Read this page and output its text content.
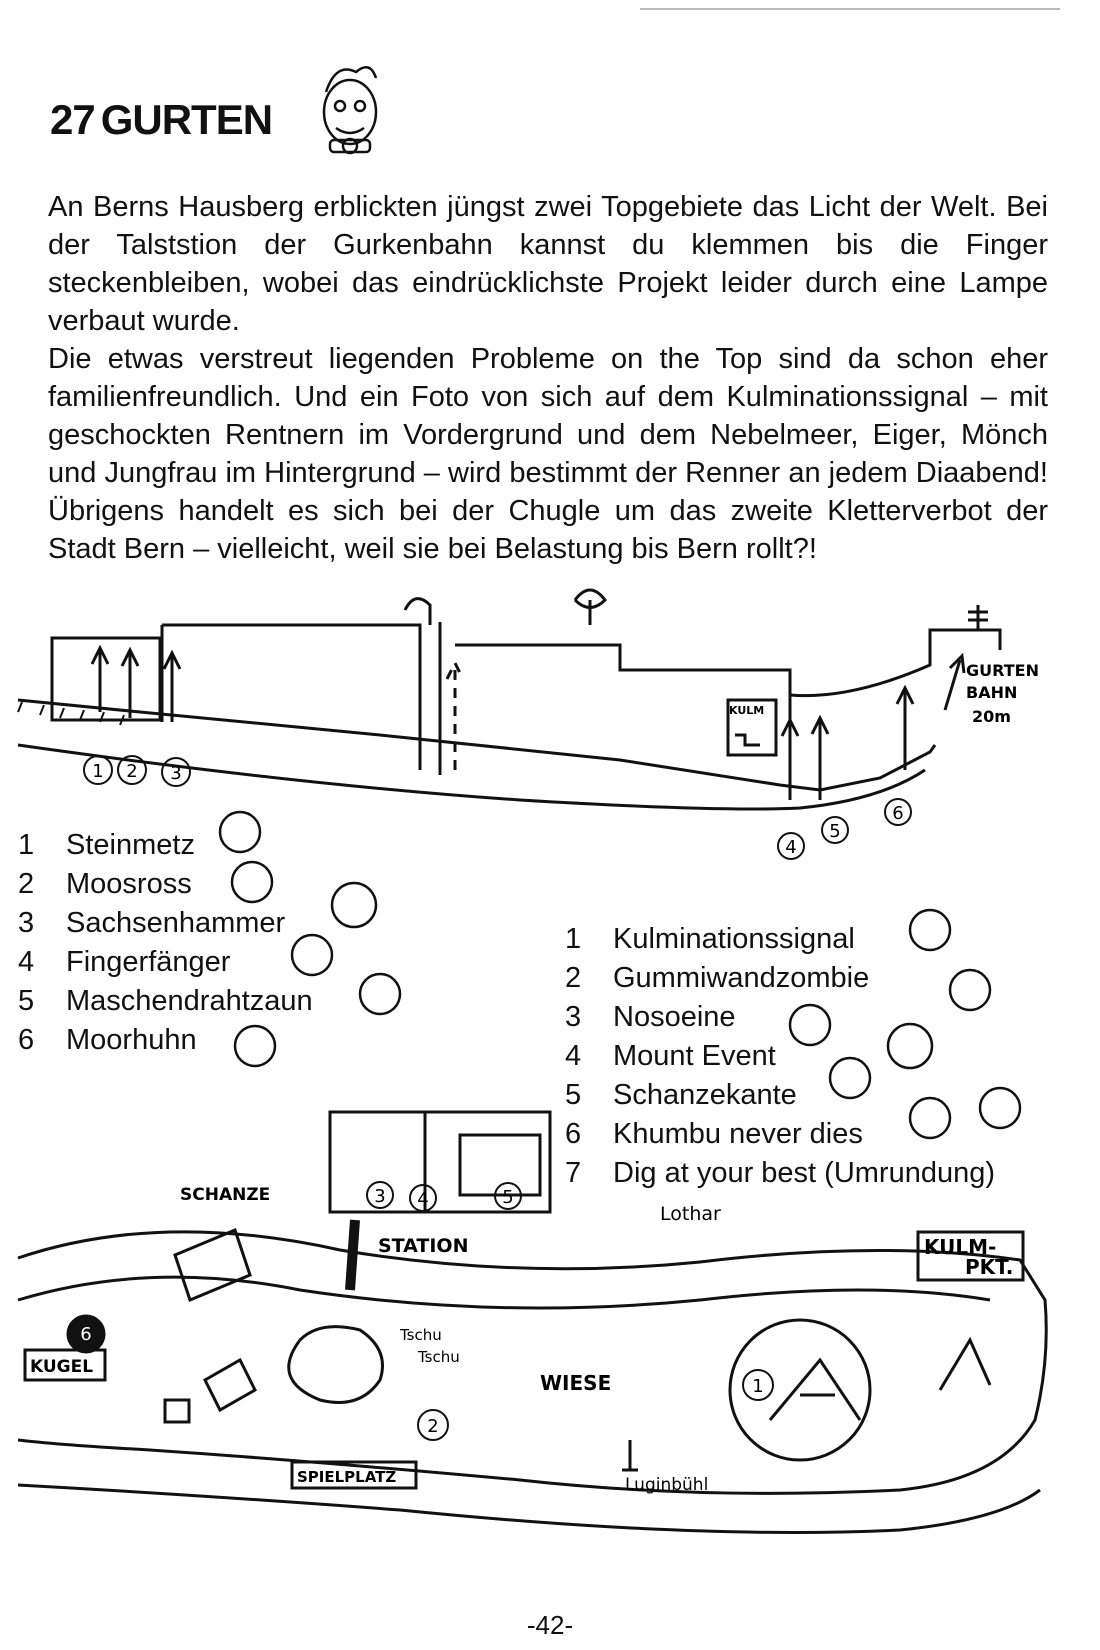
27 GURTEN
1 2 3
4
5
6
GURTEN
BAHN
20m
KULM
1
2
3 4	5
6
SCHANZE
STATION
Lothar
KULM-
PKT.
KUGEL
Tschu
Tschu
WIESE
SPIELPLATZ	Luginbühl

An Berns Hausberg erblickten jüngst zwei Topgebiete das Licht der Welt. Bei der Talststion der Gurkenbahn kannst du klemmen bis die Finger steckenbleiben, wobei das eindrücklichste Projekt leider durch eine Lampe verbaut wurde.

Die etwas verstreut liegenden Probleme on the Top sind da schon eher familienfreundlich. Und ein Foto von sich auf dem Kulminationssignal – mit geschockten Rentnern im Vordergrund und dem Nebelmeer, Eiger, Mönch und Jungfrau im Hintergrund – wird bestimmt der Renner an jedem Diaabend! Übrigens handelt es sich bei der Chugle um das zweite Kletterverbot der Stadt Bern – vielleicht, weil sie bei Belastung bis Bern rollt?!

1	Steinmetz
2	Moosross
3	Sachsenhammer
4	Fingerfänger
5	Maschendrahtzaun
6	Moorhuhn
1	Kulminationssignal
2	Gummiwandzombie
3	Nosoeine
4	Mount Event
5	Schanzekante
6	Khumbu never dies
7	Dig at your best (Umrundung)
-42-
